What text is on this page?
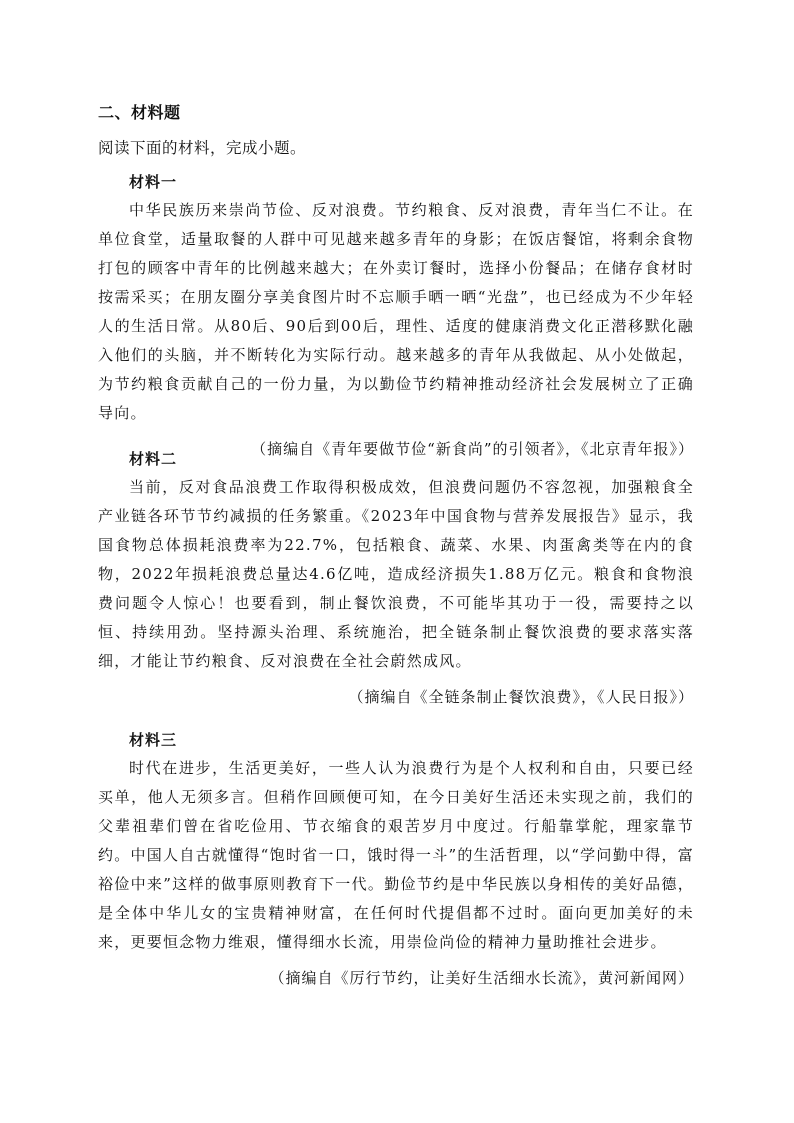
二、材料题
阅读下面的材料，完成小题。
材料一

中华民族历来崇尚节俭、反对浪费。节约粮食、反对浪费，青年当仁不让。在单位食堂，适量取餐的人群中可见越来越多青年的身影；在饭店餐馆，将剩余食物打包的顾客中青年的比例越来越大；在外卖订餐时，选择小份餐品；在储存食材时按需采买；在朋友圈分享美食图片时不忘顺手晒一晒“光盘”，也已经成为不少年轻人的生活日常。从80后、90后到00后，理性、适度的健康消费文化正潜移默化融入他们的头脑，并不断转化为实际行动。越来越多的青年从我做起、从小处做起，为节约粮食贡献自己的一份力量，为以勤俭节约精神推动经济社会发展树立了正确导向。

（摘编自《青年要做节俭“新食尚”的引领者》，《北京青年报》）
材料二

当前，反对食品浪费工作取得积极成效，但浪费问题仍不容忽视，加强粮食全产业链各环节节约减损的任务繁重。《2023年中国食物与营养发展报告》显示，我国食物总体损耗浪费率为22.7%，包括粮食、蔬菜、水果、肉蛋禽类等在内的食物，2022年损耗浪费总量达4.6亿吨，造成经济损失1.88万亿元。粮食和食物浪费问题令人惊心！也要看到，制止餐饮浪费，不可能毕其功于一役，需要持之以恒、持续用劲。坚持源头治理、系统施治，把全链条制止餐饮浪费的要求落实落细，才能让节约粮食、反对浪费在全社会蔚然成风。

（摘编自《全链条制止餐饮浪费》，《人民日报》）
材料三

时代在进步，生活更美好，一些人认为浪费行为是个人权利和自由，只要已经买单，他人无须多言。但稍作回顾便可知，在今日美好生活还未实现之前，我们的父辈祖辈们曾在省吃俭用、节衣缩食的艰苦岁月中度过。行船靠掌舵，理家靠节约。中国人自古就懂得“饱时省一口，饿时得一斗”的生活哲理，以“学问勤中得，富裕俭中来”这样的做事原则教育下一代。勤俭节约是中华民族以身相传的美好品德，是全体中华儿女的宝贵精神财富，在任何时代提倡都不过时。面向更加美好的未来，更要恒念物力维艰，懂得细水长流，用崇俭尚俭的精神力量助推社会进步。

（摘编自《厉行节约，让美好生活细水长流》，黄河新闻网）
